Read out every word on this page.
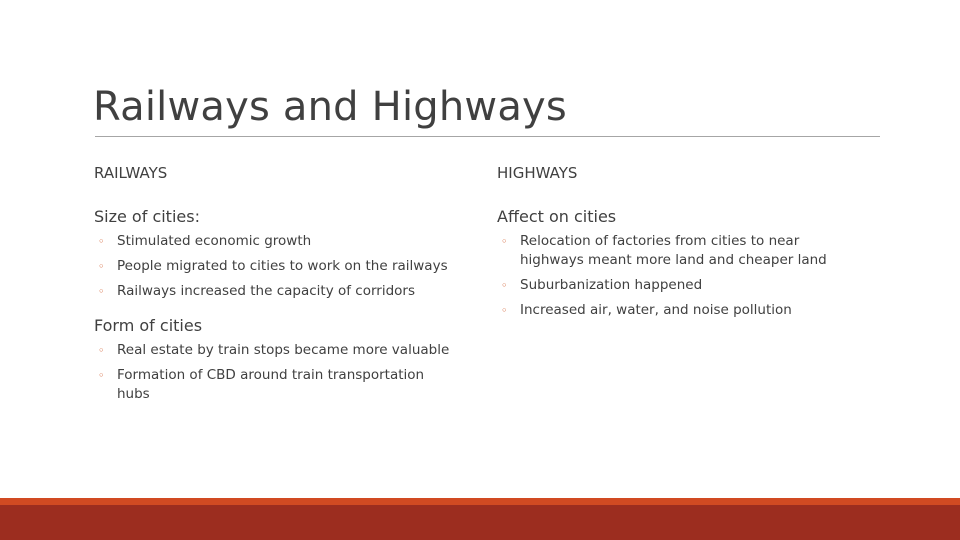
Railways and Highways
RAILWAYS
Size of cities:
◦ Stimulated economic growth
◦ People migrated to cities to work on the railways
◦ Railways increased the capacity of corridors
Form of cities
◦ Real estate by train stops became more valuable
◦ Formation of CBD around train transportation hubs
HIGHWAYS
Affect on cities
◦ Relocation of factories from cities to near highways meant more land and cheaper land
◦ Suburbanization happened
◦ Increased air, water, and noise pollution
